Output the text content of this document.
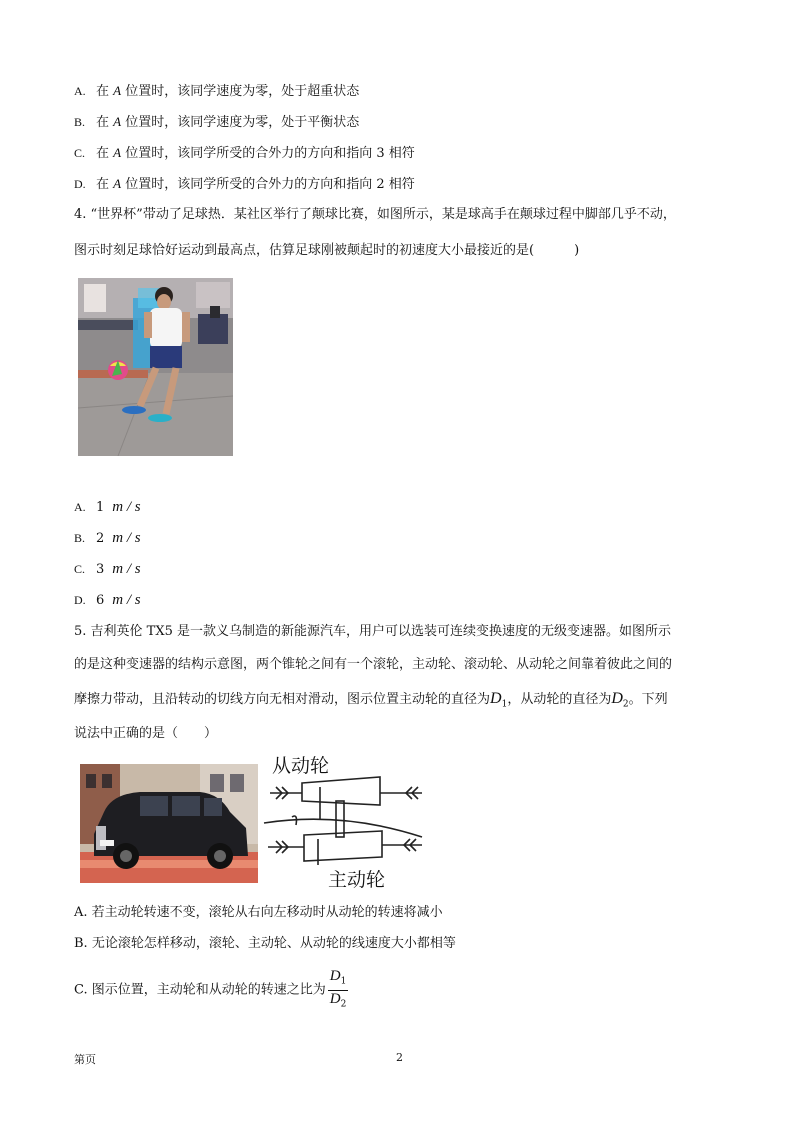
A. 在 A 位置时，该同学速度为零，处于超重状态
B. 在 A 位置时，该同学速度为零，处于平衡状态
C. 在 A 位置时，该同学所受的合外力的方向和指向 3 相符
D. 在 A 位置时，该同学所受的合外力的方向和指向 2 相符
4. “世界杯”带动了足球热．某社区举行了颠球比赛，如图所示，某是球高手在颠球过程中脚部几乎不动，
图示时刻足球恰好运动到最高点，估算足球刚被颠起时的初速度大小最接近的是(	)
A. 1 m / s
B. 2 m / s
C. 3 m / s
D. 6 m / s
5. 吉利英伦 TX5 是一款义乌制造的新能源汽车，用户可以选装可连续变换速度的无级变速器。如图所示
的是这种变速器的结构示意图，两个锥轮之间有一个滚轮，主动轮、滚动轮、从动轮之间靠着彼此之间的
摩擦力带动，且沿转动的切线方向无相对滑动，图示位置主动轮的直径为$D_1$，从动轮的直径为$D_2$。下列
说法中正确的是（　　）
从动轮
主动轮
A. 若主动轮转速不变，滚轮从右向左移动时从动轮的转速将减小
B. 无论滚轮怎样移动，滚轮、主动轮、从动轮的线速度大小都相等
C. 图示位置，主动轮和从动轮的转速之比为 $\frac{D_1}{D_2}$
第页	2
